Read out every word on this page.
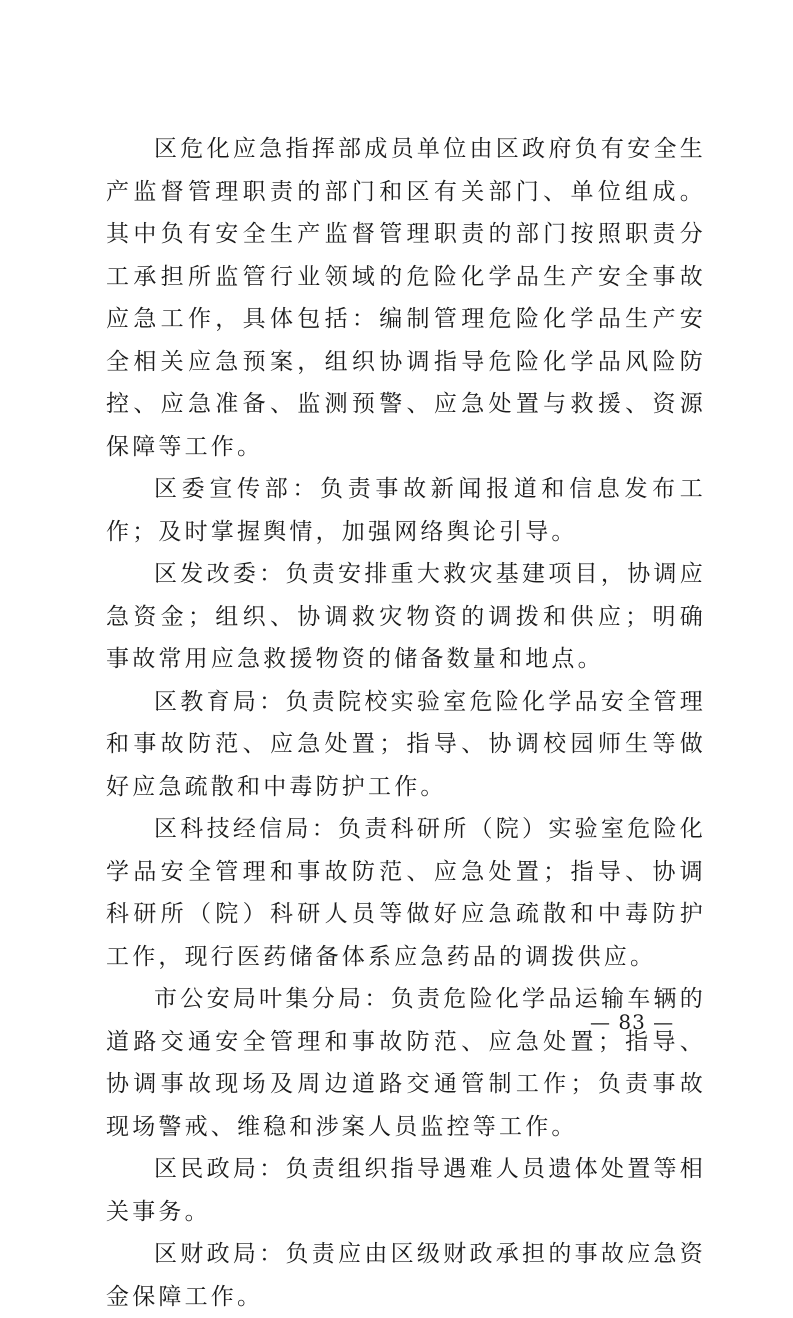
区危化应急指挥部成员单位由区政府负有安全生产监督管理职责的部门和区有关部门、单位组成。其中负有安全生产监督管理职责的部门按照职责分工承担所监管行业领域的危险化学品生产安全事故应急工作，具体包括：编制管理危险化学品生产安全相关应急预案，组织协调指导危险化学品风险防控、应急准备、监测预警、应急处置与救援、资源保障等工作。

区委宣传部：负责事故新闻报道和信息发布工作；及时掌握舆情，加强网络舆论引导。

区发改委：负责安排重大救灾基建项目，协调应急资金；组织、协调救灾物资的调拨和供应；明确事故常用应急救援物资的储备数量和地点。

区教育局：负责院校实验室危险化学品安全管理和事故防范、应急处置；指导、协调校园师生等做好应急疏散和中毒防护工作。

区科技经信局：负责科研所（院）实验室危险化学品安全管理和事故防范、应急处置；指导、协调科研所（院）科研人员等做好应急疏散和中毒防护工作，现行医药储备体系应急药品的调拨供应。

市公安局叶集分局：负责危险化学品运输车辆的道路交通安全管理和事故防范、应急处置；指导、协调事故现场及周边道路交通管制工作；负责事故现场警戒、维稳和涉案人员监控等工作。

区民政局：负责组织指导遇难人员遗体处置等相关事务。

区财政局：负责应由区级财政承担的事故应急资金保障工作。

— 83 —
